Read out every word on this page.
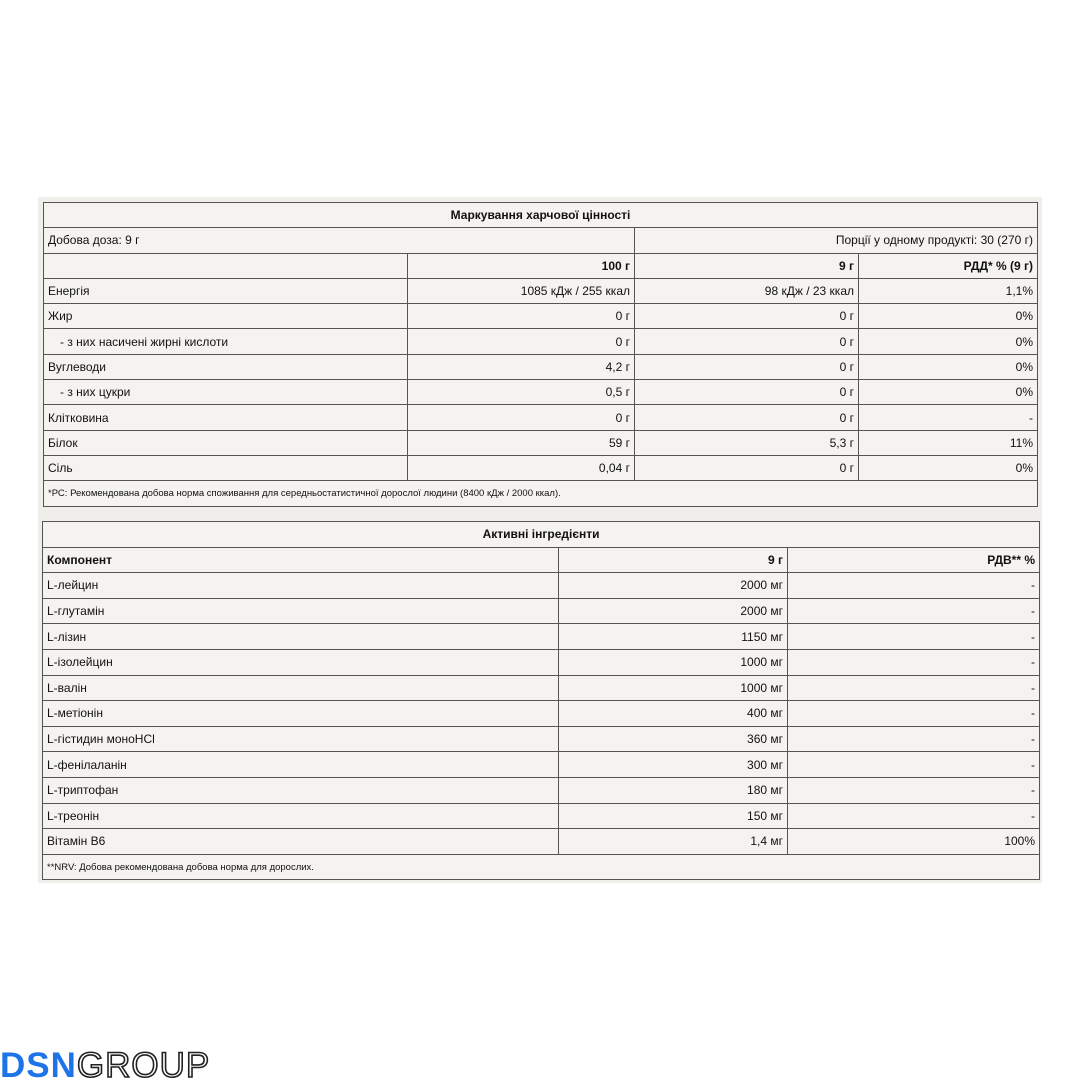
Маркування харчової цінності			
Добова доза: 9 г		Порції у одному продукті: 30 (270 г)	
	100 г	9 г	РДД* % (9 г)
Енергія	1085 кДж / 255 ккал	98 кДж / 23 ккал	1,1%
Жир	0 г	0 г	0%
- з них насичені жирні кислоти	0 г	0 г	0%
Вуглеводи	4,2 г	0 г	0%
- з них цукри	0,5 г	0 г	0%
Клітковина	0 г	0 г	-
Білок	59 г	5,3 г	11%
Сіль	0,04 г	0 г	0%
*РС: Рекомендована добова норма споживання для середньостатистичної дорослої людини (8400 кДж / 2000 ккал).			
Активні інгредієнти		
Компонент	9 г	РДВ** %
L-лейцин	2000 мг	-
L-глутамін	2000 мг	-
L-лізин	1150 мг	-
L-ізолейцин	1000 мг	-
L-валін	1000 мг	-
L-метіонін	400 мг	-
L-гістидин моноHCl	360 мг	-
L-фенілаланін	300 мг	-
L-триптофан	180 мг	-
L-треонін	150 мг	-
Вітамін В6	1,4 мг	100%
**NRV: Добова рекомендована добова норма для дорослих.		
DSNGROUP
